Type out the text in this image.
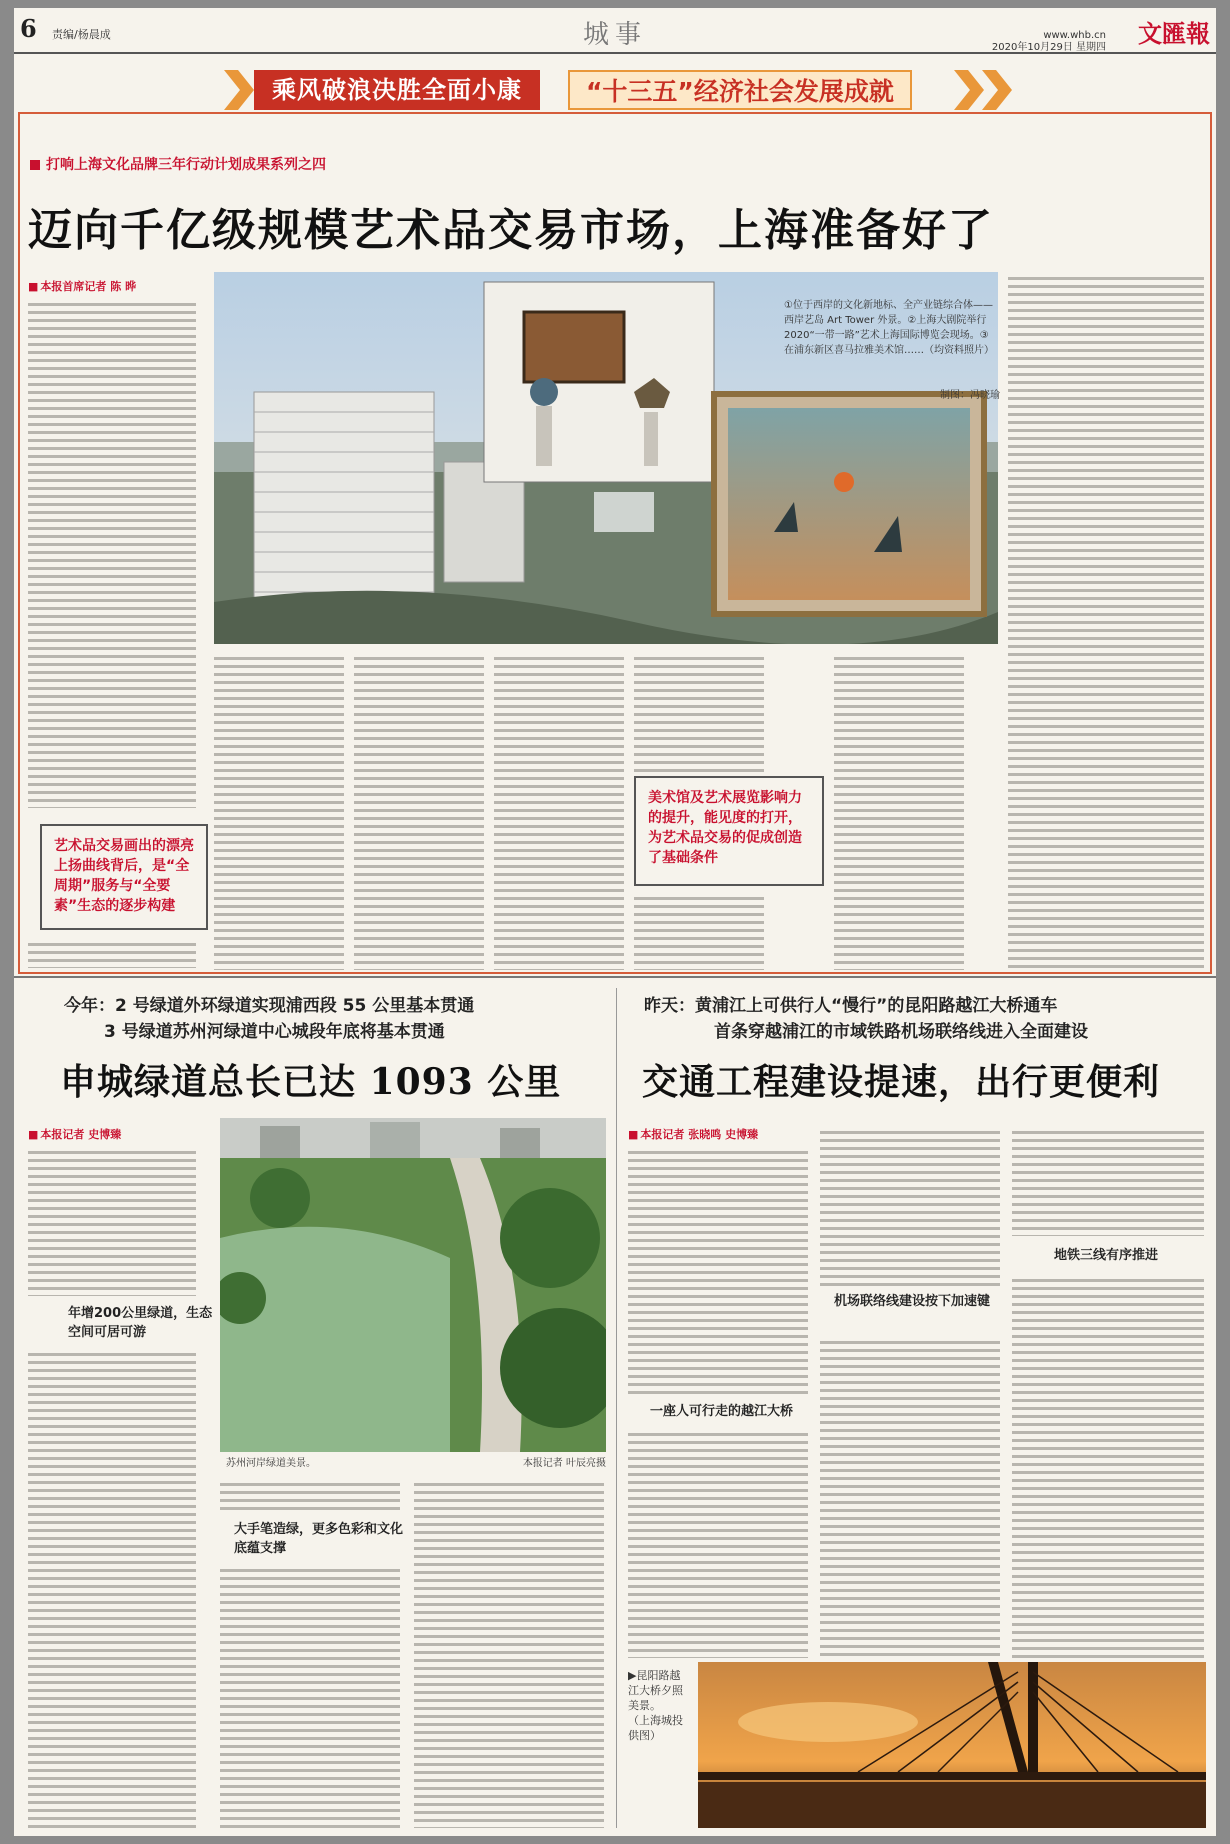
6 责编/杨晨成	城事	www.whb.cn
2020年10月29日 星期四 文匯報
乘风破浪决胜全面小康	“十三五”经济社会发展成就
打响上海文化品牌三年行动计划成果系列之四
迈向千亿级规模艺术品交易市场，上海准备好了
■ 本报首席记者 陈 晔
艺术品交易画出的漂亮上扬曲线背后，是“全周期”服务与“全要素”生态的逐步构建
①位于西岸的文化新地标、全产业链综合体——西岸艺岛 Art Tower 外景。②上海大剧院举行 2020“一带一路”艺术上海国际博览会现场。③在浦东新区喜马拉雅美术馆……（均资料照片）
制图：冯晓瑜
美术馆及艺术展览影响力的提升，能见度的打开，为艺术品交易的促成创造了基础条件
今年：2 号绿道外环绿道实现浦西段 55 公里基本贯通
3 号绿道苏州河绿道中心城段年底将基本贯通
申城绿道总长已达 1093 公里
■ 本报记者 史博臻
年增200公里绿道，生态空间可居可游
苏州河岸绿道美景。	本报记者 叶辰亮摄
大手笔造绿，更多色彩和文化底蕴支撑
昨天：黄浦江上可供行人“慢行”的昆阳路越江大桥通车
首条穿越浦江的市域铁路机场联络线进入全面建设
交通工程建设提速，出行更便利
■ 本报记者 张晓鸣 史博臻
一座人可行走的越江大桥
机场联络线建设按下加速键
地铁三线有序推进
▶昆阳路越江大桥夕照美景。
（上海城投供图）
